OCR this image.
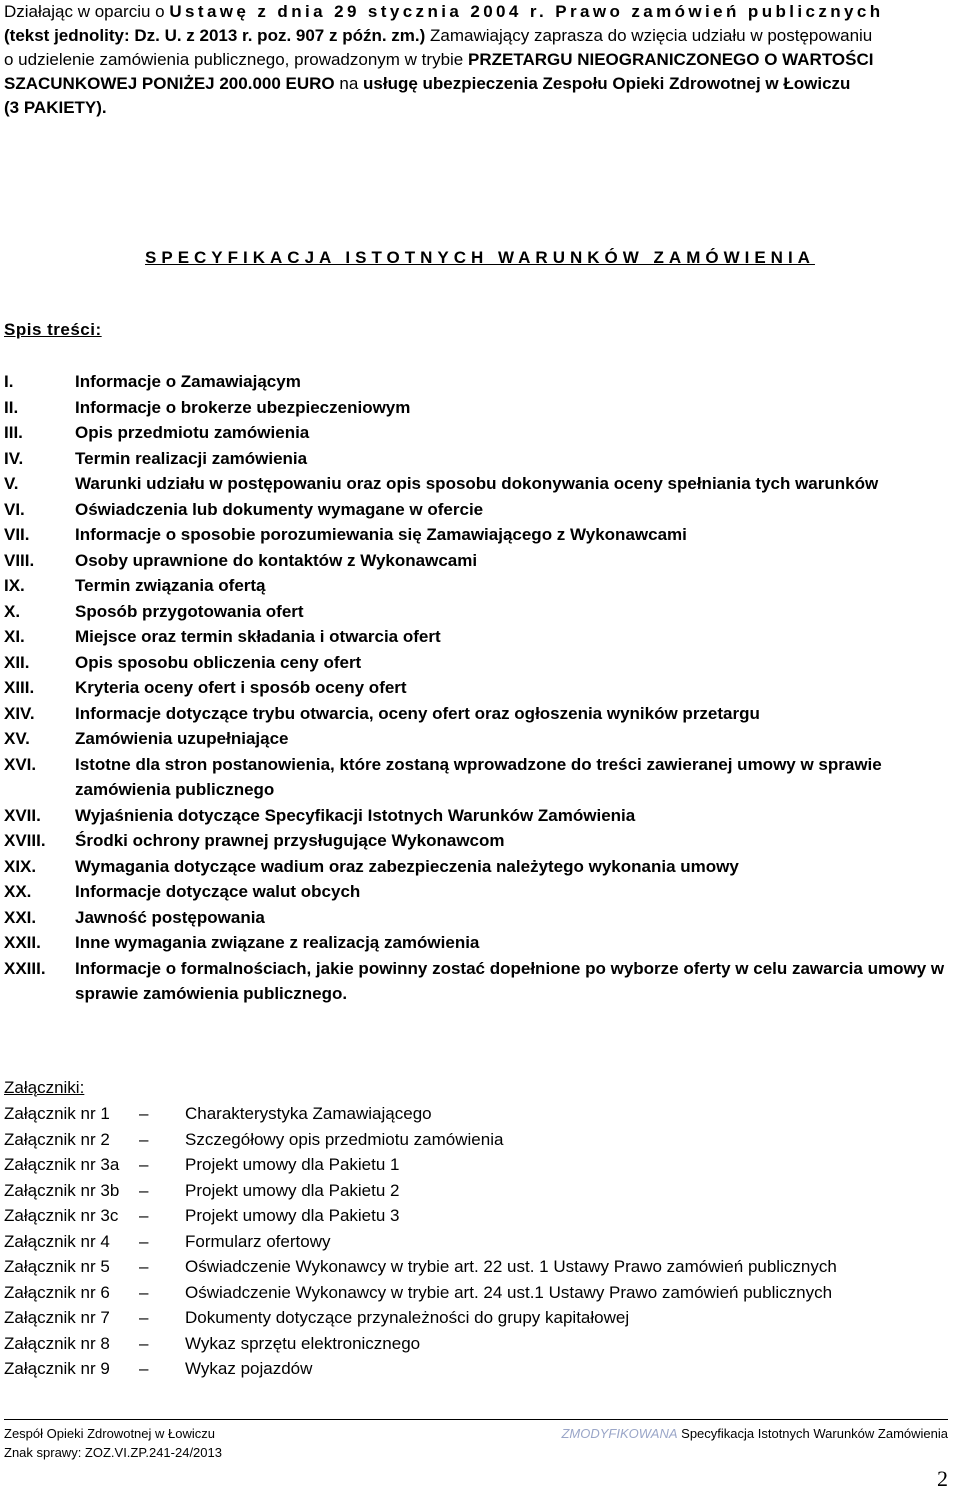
Działając w oparciu o Ustawę z dnia 29 stycznia 2004 r. Prawo zamówień publicznych
(tekst jednolity: Dz. U. z 2013 r. poz. 907 z późn. zm.) Zamawiający zaprasza do wzięcia udziału w postępowaniu
o udzielenie zamówienia publicznego, prowadzonym w trybie PRZETARGU NIEOGRANICZONEGO O WARTOŚCI
SZACUNKOWEJ PONIŻEJ 200.000 EURO na usługę ubezpieczenia Zespołu Opieki Zdrowotnej w Łowiczu
(3 PAKIETY).
SPECYFIKACJA ISTOTNYCH WARUNKÓW ZAMÓWIENIA
Spis treści:
I.	Informacje o Zamawiającym
II.	Informacje o brokerze ubezpieczeniowym
III.	Opis przedmiotu zamówienia
IV.	Termin realizacji zamówienia
V.	Warunki udziału w postępowaniu oraz opis sposobu dokonywania oceny spełniania tych warunków
VI.	Oświadczenia lub dokumenty wymagane w ofercie
VII.	Informacje o sposobie porozumiewania się Zamawiającego z Wykonawcami
VIII.	Osoby uprawnione do kontaktów z Wykonawcami
IX.	Termin związania ofertą
X.	Sposób przygotowania ofert
XI.	Miejsce oraz termin składania i otwarcia ofert
XII.	Opis sposobu obliczenia ceny ofert
XIII.	Kryteria oceny ofert i sposób oceny ofert
XIV.	Informacje dotyczące trybu otwarcia, oceny ofert oraz ogłoszenia wyników przetargu
XV.	Zamówienia uzupełniające
XVI.	Istotne dla stron postanowienia, które zostaną wprowadzone do treści zawieranej umowy w sprawie zamówienia publicznego
XVII.	Wyjaśnienia dotyczące Specyfikacji Istotnych Warunków Zamówienia
XVIII.	Środki ochrony prawnej przysługujące Wykonawcom
XIX.	Wymagania dotyczące wadium oraz zabezpieczenia należytego wykonania umowy
XX.	Informacje dotyczące walut obcych
XXI.	Jawność postępowania
XXII.	Inne wymagania związane z realizacją zamówienia
XXIII.	Informacje o formalnościach, jakie powinny zostać dopełnione po wyborze oferty w celu zawarcia umowy w sprawie zamówienia publicznego.
Załączniki:
Załącznik nr 1	–	Charakterystyka Zamawiającego
Załącznik nr 2	–	Szczegółowy opis przedmiotu zamówienia
Załącznik nr 3a	–	Projekt umowy dla Pakietu 1
Załącznik nr 3b	–	Projekt umowy dla Pakietu 2
Załącznik nr 3c	–	Projekt umowy dla Pakietu 3
Załącznik nr 4	–	Formularz ofertowy
Załącznik nr 5	–	Oświadczenie Wykonawcy w trybie art. 22 ust. 1 Ustawy Prawo zamówień publicznych
Załącznik nr 6	–	Oświadczenie Wykonawcy w trybie art. 24 ust.1 Ustawy Prawo zamówień publicznych
Załącznik nr 7	–	Dokumenty dotyczące przynależności do grupy kapitałowej
Załącznik nr 8	–	Wykaz sprzętu elektronicznego
Załącznik nr 9	–	Wykaz pojazdów
Zespół Opieki Zdrowotnej w Łowiczu
Znak sprawy: ZOZ.VI.ZP.241-24/2013
ZMODYFIKOWANA Specyfikacja Istotnych Warunków Zamówienia
2
